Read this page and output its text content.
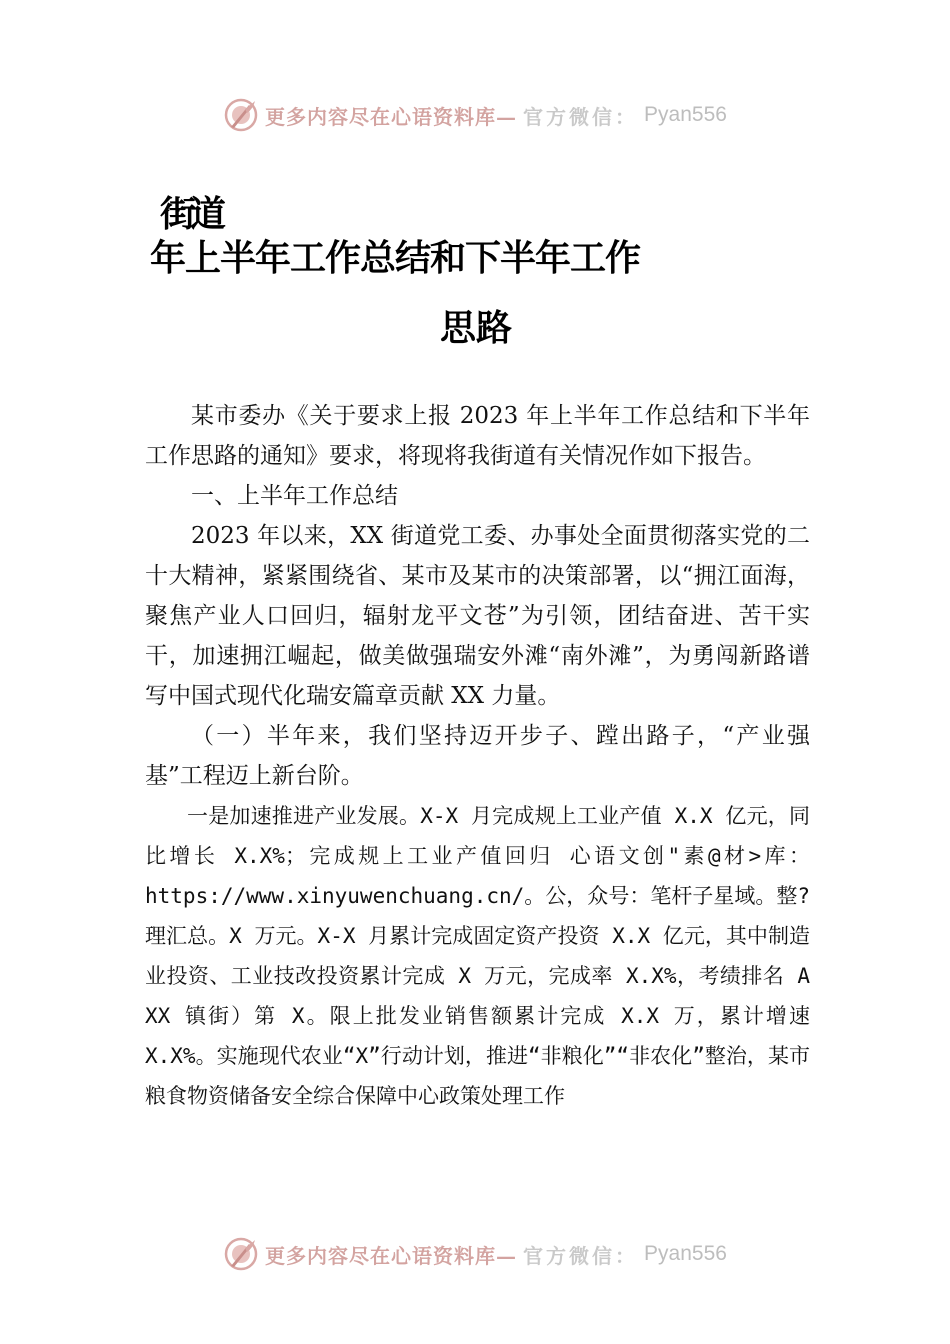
更多内容尽在心语资料库— 官方微信： Pyan556
街道
年上半年工作总结和下半年工作
思路

某市委办《关于要求上报 2023 年上半年工作总结和下半年工作思路的通知》要求，将现将我街道有关情况作如下报告。

一、上半年工作总结

2023 年以来，XX 街道党工委、办事处全面贯彻落实党的二十大精神，紧紧围绕省、某市及某市的决策部署，以“拥江面海，聚焦产业人口回归，辐射龙平文苍”为引领，团结奋进、苦干实干，加速拥江崛起，做美做强瑞安外滩“南外滩”，为勇闯新路谱写中国式现代化瑞安篇章贡献 XX 力量。

（一）半年来，我们坚持迈开步子、蹚出路子，“产业强基”工程迈上新台阶。

一是加速推进产业发展。X-X 月完成规上工业产值 X.X 亿元，同比增长 X.X%；完成规上工业产值回归 心语文创"素@材>库：https://www.xinyuwenchuang.cn/。公，众号：笔杆子星域。整?理汇总。X 万元。X-X 月累计完成固定资产投资 X.X 亿元，其中制造业投资、工业技改投资累计完成 X 万元，完成率 X.X%，考绩排名 A XX 镇街）第 X。限上批发业销售额累计完成 X.X 万，累计增速 X.X%。实施现代农业“X”行动计划，推进“非粮化”“非农化”整治，某市粮食物资储备安全综合保障中心政策处理工作

更多内容尽在心语资料库— 官方微信： Pyan556
